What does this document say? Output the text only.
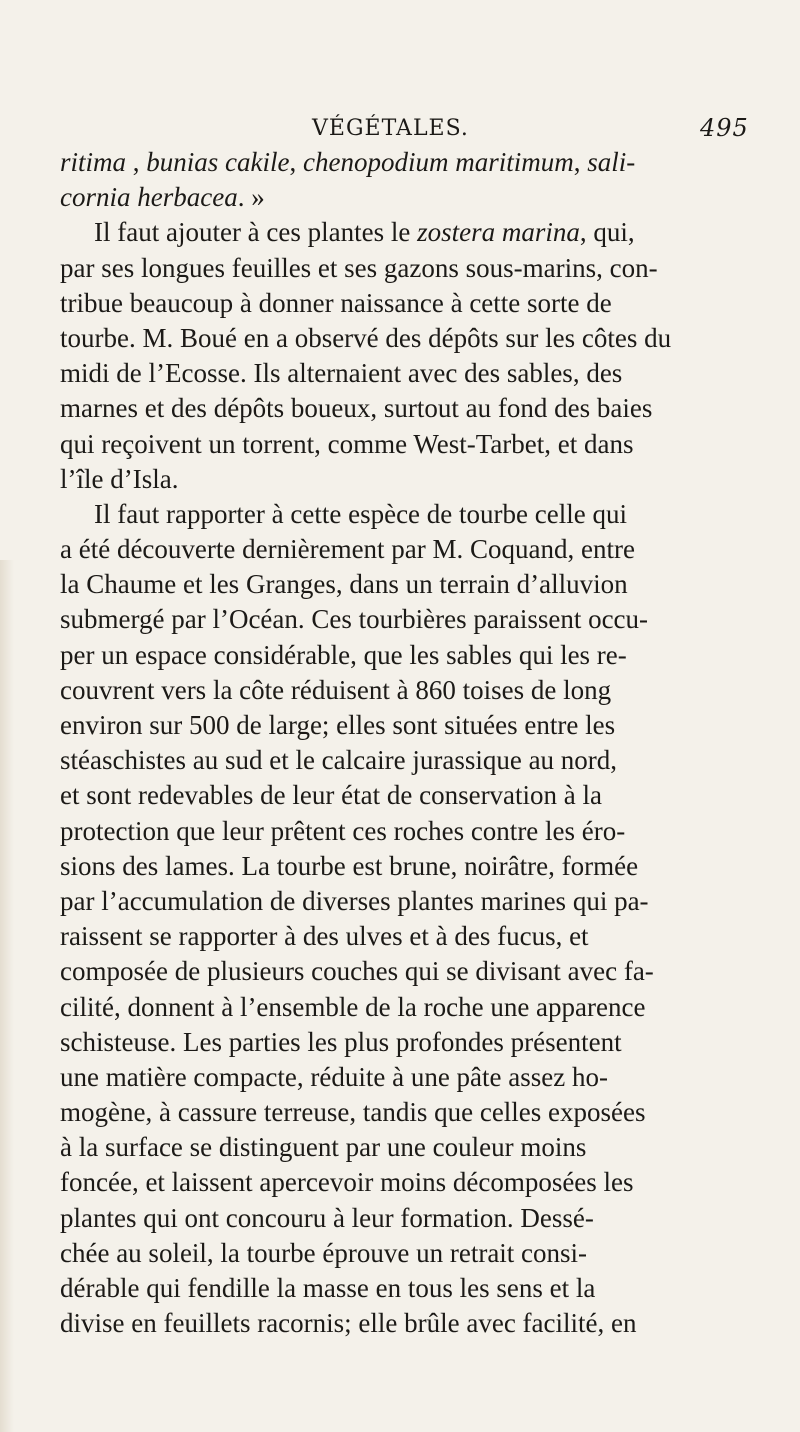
VÉGÉTALES.	495
ritima , bunias cakile, chenopodium maritimum, sali-
cornia herbacea. »
Il faut ajouter à ces plantes le zostera marina, qui,
par ses longues feuilles et ses gazons sous-marins, con-
tribue beaucoup à donner naissance à cette sorte de
tourbe. M. Boué en a observé des dépôts sur les côtes du
midi de l’Ecosse. Ils alternaient avec des sables, des
marnes et des dépôts boueux, surtout au fond des baies
qui reçoivent un torrent, comme West-Tarbet, et dans
l’île d’Isla.
Il faut rapporter à cette espèce de tourbe celle qui
a été découverte dernièrement par M. Coquand, entre
la Chaume et les Granges, dans un terrain d’alluvion
submergé par l’Océan. Ces tourbières paraissent occu-
per un espace considérable, que les sables qui les re-
couvrent vers la côte réduisent à 860 toises de long
environ sur 500 de large; elles sont situées entre les
stéaschistes au sud et le calcaire jurassique au nord,
et sont redevables de leur état de conservation à la
protection que leur prêtent ces roches contre les éro-
sions des lames. La tourbe est brune, noirâtre, formée
par l’accumulation de diverses plantes marines qui pa-
raissent se rapporter à des ulves et à des fucus, et
composée de plusieurs couches qui se divisant avec fa-
cilité, donnent à l’ensemble de la roche une apparence
schisteuse. Les parties les plus profondes présentent
une matière compacte, réduite à une pâte assez ho-
mogène, à cassure terreuse, tandis que celles exposées
à la surface se distinguent par une couleur moins
foncée, et laissent apercevoir moins décomposées les
plantes qui ont concouru à leur formation. Dessé-
chée au soleil, la tourbe éprouve un retrait consi-
dérable qui fendille la masse en tous les sens et la
divise en feuillets racornis; elle brûle avec facilité, en
